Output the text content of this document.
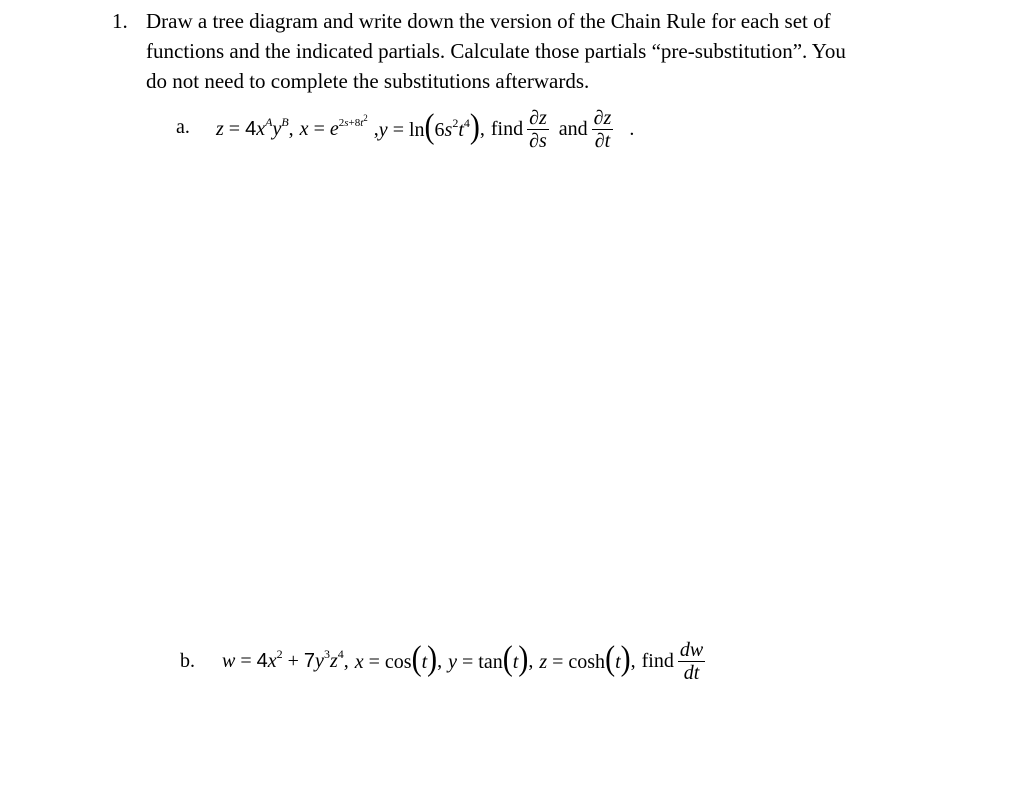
1. Draw a tree diagram and write down the version of the Chain Rule for each set of
functions and the indicated partials. Calculate those partials “pre-substitution”. You
do not need to complete the substitutions afterwards.
a. $z = 4x^Ay^B$ , $x = e^{2s+8t^2}$ , $y = \ln(6s^2t^4)$ , find $\frac{\partial z}{\partial s}$ and $\frac{\partial z}{\partial t}$ .
b. $w = 4x^2 + 7y^3z^4$ , x = cos(t) , y = tan(t) , z = cosh(t) , find $\frac{dw}{dt}$
